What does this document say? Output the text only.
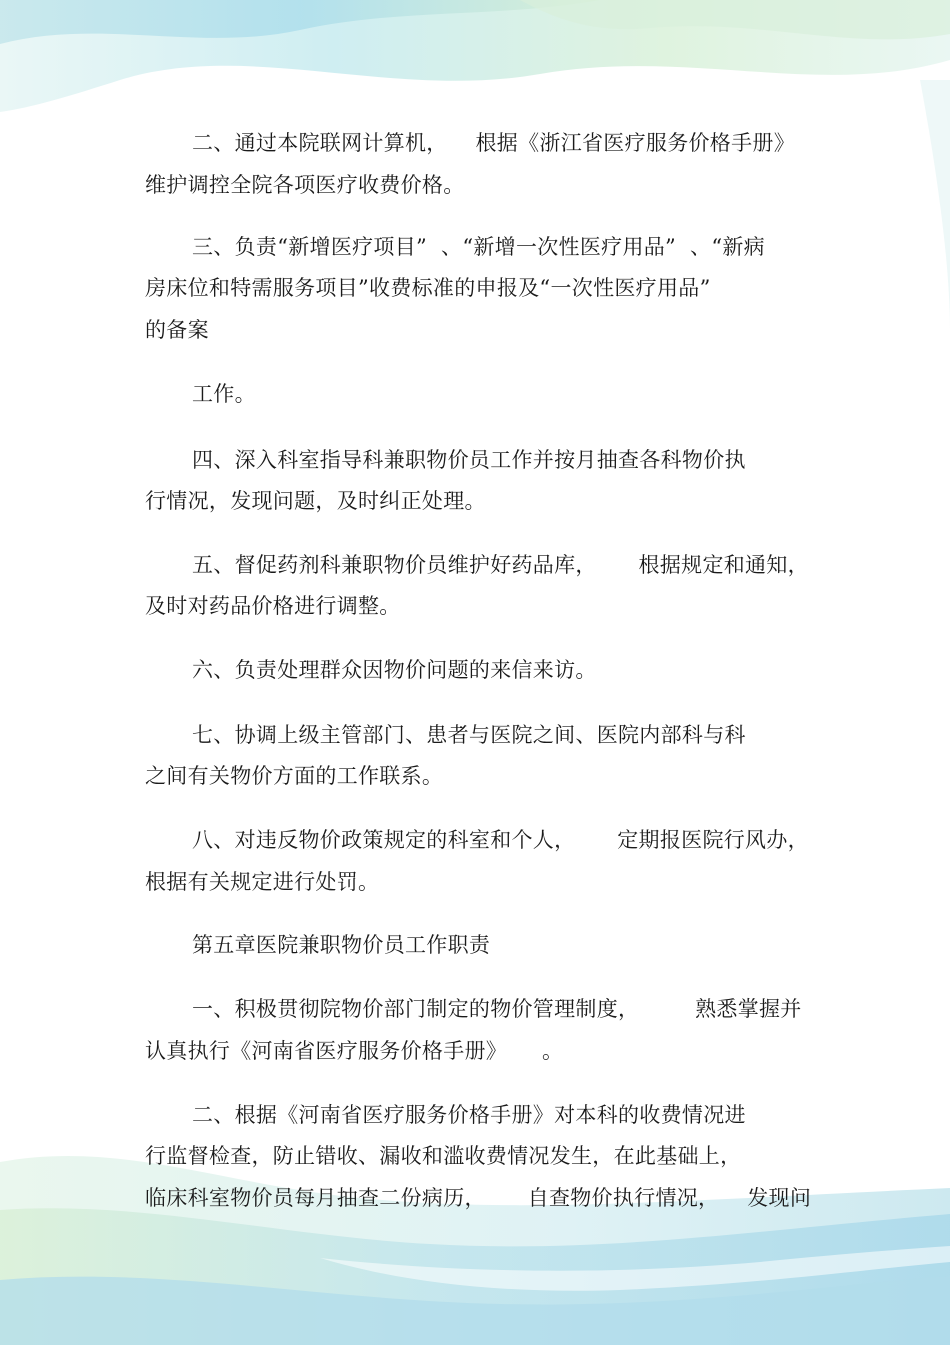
二、通过本院联网计算机，    根据《浙江省医疗服务价格手册》
维护调控全院各项医疗收费价格。
三、负责“新增医疗项目”  、“新增一次性医疗用品”  、“新病
房床位和特需服务项目”收费标准的申报及“一次性医疗用品”
的备案
工作。
四、深入科室指导科兼职物价员工作并按月抽查各科物价执
行情况，发现问题，及时纠正处理。
五、督促药剂科兼职物价员维护好药品库，      根据规定和通知，
及时对药品价格进行调整。
六、负责处理群众因物价问题的来信来访。
七、协调上级主管部门、患者与医院之间、医院内部科与科
之间有关物价方面的工作联系。
八、对违反物价政策规定的科室和个人，      定期报医院行风办，
根据有关规定进行处罚。
第五章医院兼职物价员工作职责
一、积极贯彻院物价部门制定的物价管理制度，        熟悉掌握并
认真执行《河南省医疗服务价格手册》     。
二、根据《河南省医疗服务价格手册》对本科的收费情况进
行监督检查，防止错收、漏收和滥收费情况发生，在此基础上，
临床科室物价员每月抽查二份病历，      自查物价执行情况，    发现问
